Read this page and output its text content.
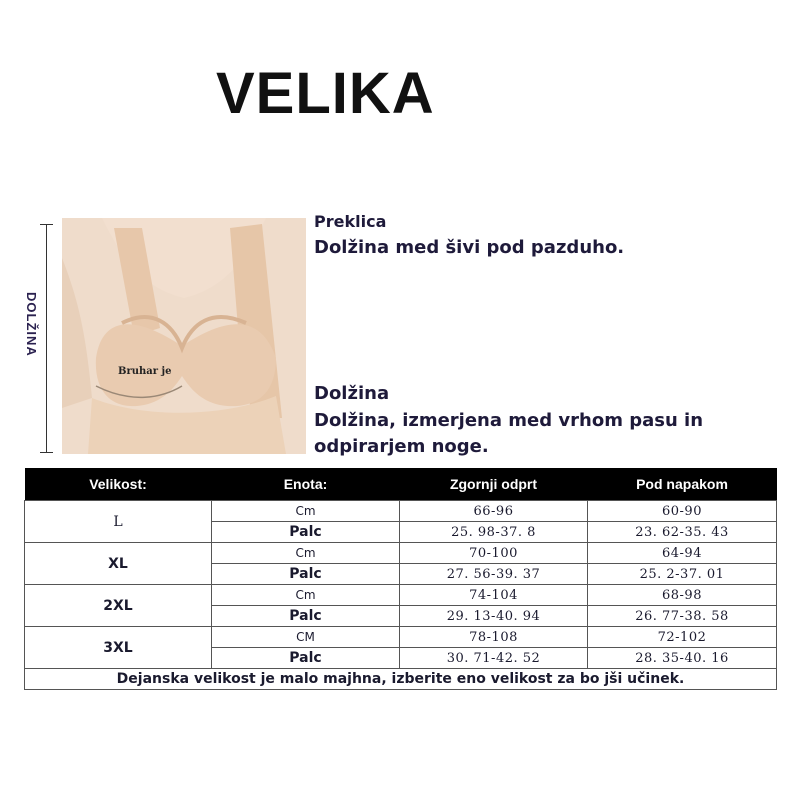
VELIKA
Bruhar je
DOLŽINA
Preklica
Dolžina med šivi pod pazduho.
Dolžina
Dolžina, izmerjena med vrhom pasu in odpirarjem noge.
Velikost:	Enota:	Zgornji odprt	Pod napakom
L	Cm	66-96	60-90
	Palc	25. 98-37. 8	23. 62-35. 43
XL	Cm	70-100	64-94
	Palc	27. 56-39. 37	25. 2-37. 01
2XL	Cm	74-104	68-98
	Palc	29. 13-40. 94	26. 77-38. 58
3XL	CM	78-108	72-102
	Palc	30. 71-42. 52	28. 35-40. 16
Dejanska velikost je malo majhna, izberite eno velikost za bo jši učinek.			
